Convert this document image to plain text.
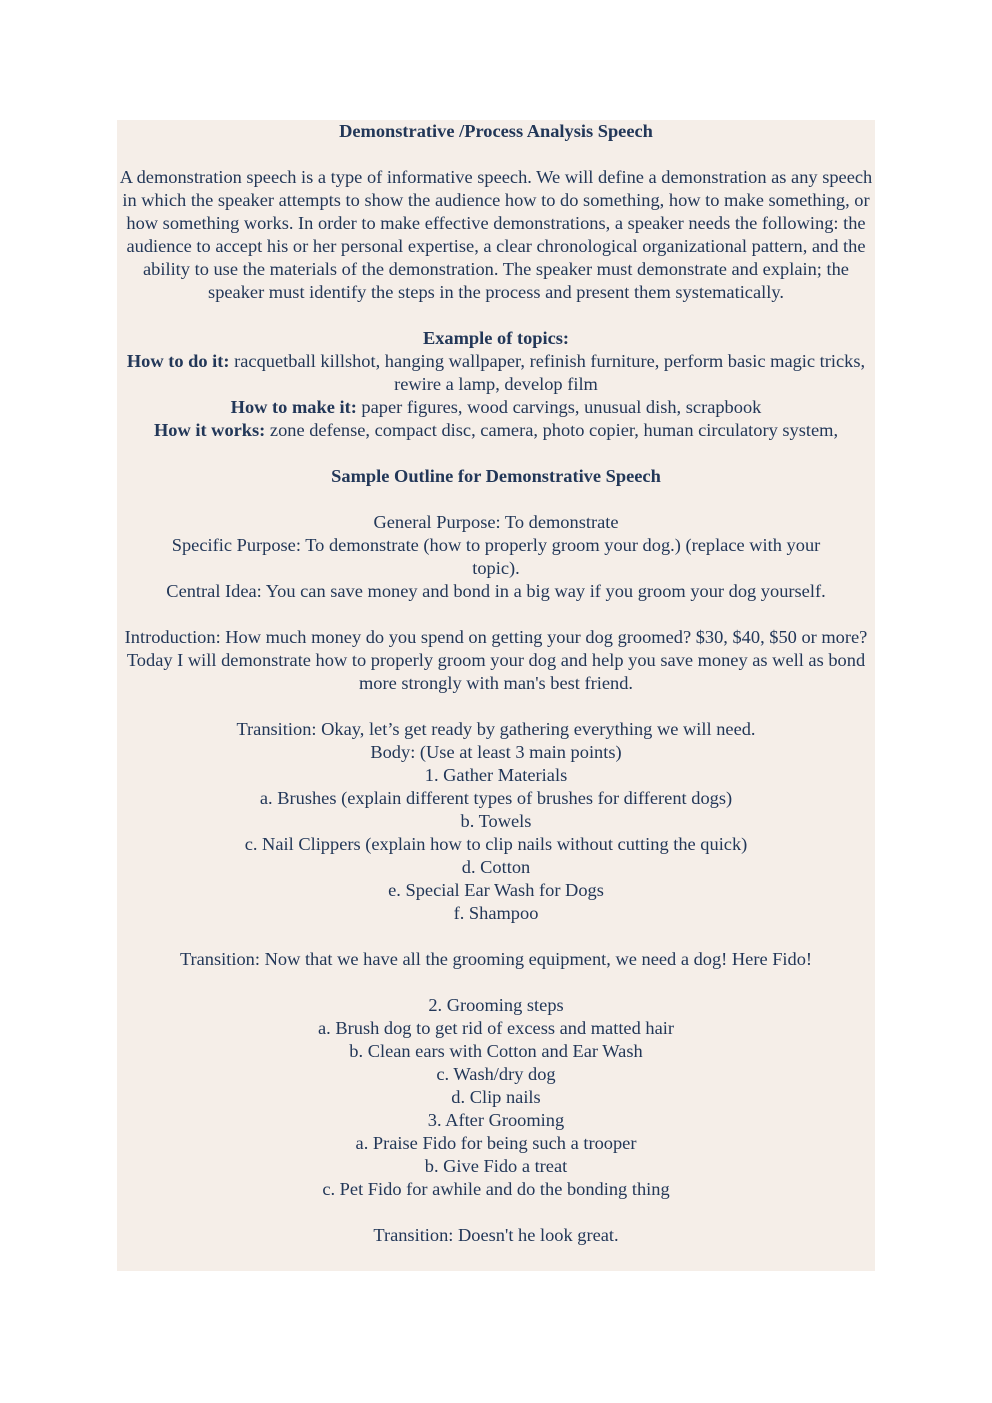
Demonstrative /Process Analysis Speech

A demonstration speech is a type of informative speech. We will define a demonstration as any speech in which the speaker attempts to show the audience how to do something, how to make something, or how something works. In order to make effective demonstrations, a speaker needs the following: the audience to accept his or her personal expertise, a clear chronological organizational pattern, and the ability to use the materials of the demonstration. The speaker must demonstrate and explain; the speaker must identify the steps in the process and present them systematically.

Example of topics:

How to do it: racquetball killshot, hanging wallpaper, refinish furniture, perform basic magic tricks, rewire a lamp, develop film

How to make it: paper figures, wood carvings, unusual dish, scrapbook

How it works: zone defense, compact disc, camera, photo copier, human circulatory system,

Sample Outline for Demonstrative Speech

General Purpose: To demonstrate

Specific Purpose: To demonstrate (how to properly groom your dog.) (replace with your topic).

Central Idea: You can save money and bond in a big way if you groom your dog yourself.

Introduction: How much money do you spend on getting your dog groomed? $30, $40, $50 or more? Today I will demonstrate how to properly groom your dog and help you save money as well as bond more strongly with man's best friend.

Transition: Okay, let’s get ready by gathering everything we will need.

Body: (Use at least 3 main points)

1. Gather Materials

a. Brushes (explain different types of brushes for different dogs)

b. Towels

c. Nail Clippers (explain how to clip nails without cutting the quick)

d. Cotton

e. Special Ear Wash for Dogs

f. Shampoo

Transition: Now that we have all the grooming equipment, we need a dog! Here Fido!

2. Grooming steps

a. Brush dog to get rid of excess and matted hair

b. Clean ears with Cotton and Ear Wash

c. Wash/dry dog

d. Clip nails

3. After Grooming

a. Praise Fido for being such a trooper

b. Give Fido a treat

c. Pet Fido for awhile and do the bonding thing

Transition: Doesn't he look great.
